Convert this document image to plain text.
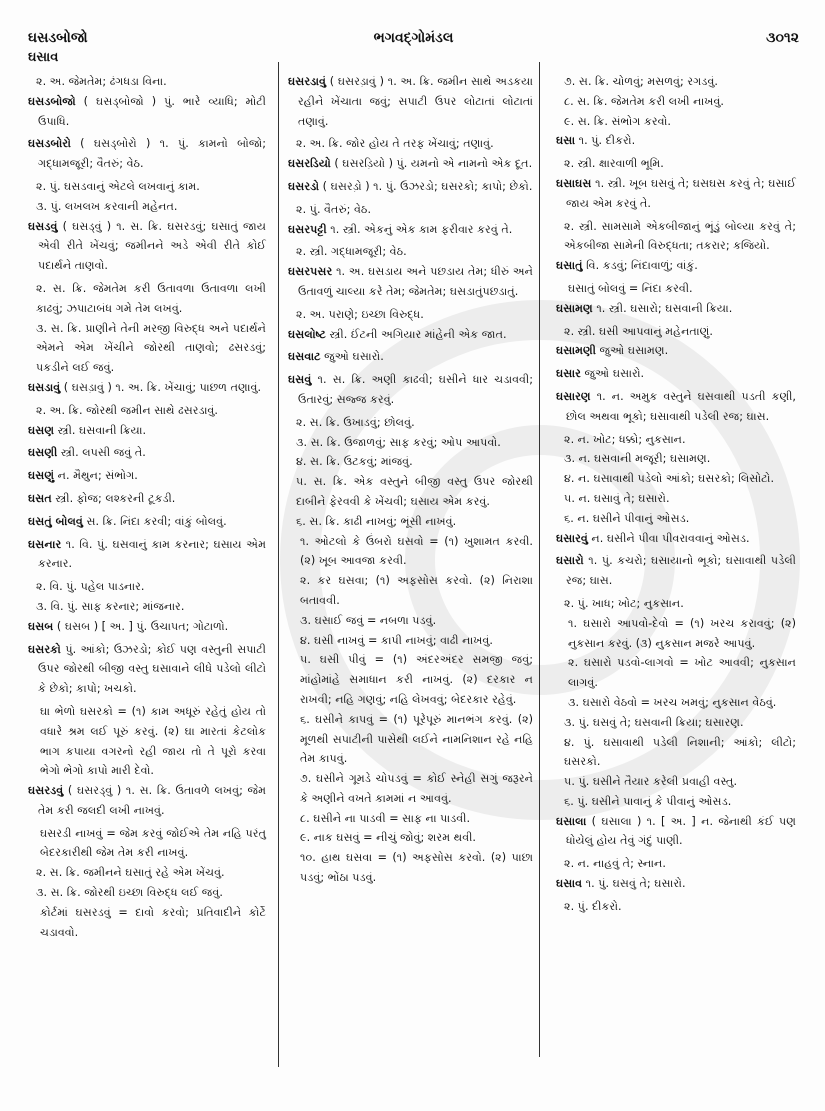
ઘસડબોજો	ભગવદ્ગોમંડલ	૩૦૧૨
ઘસાવ

૨. અ. જેમતેમ; ઢંગધડા વિના.

ઘસડબોજો ( ઘસડ્બોજો ) પું. ભારે વ્યાધિ; મોટી ઉપાધિ.

ઘસડબોરો ( ઘસડ્બોરો ) ૧. પું. કામનો બોજો; ગદ્ધામજૂરી; વૈતરું; વેઠ.

૨. પું. ઘસડવાનું એટલે લખવાનું કામ.

૩. પું. લખલખ કરવાની મહેનત.

ઘસડવું ( ઘસડ્વું ) ૧. સ. ક્રિ. ઘસરડવું; ઘસાતું જાય એવી રીતે ખેંચવું; જમીનને અડે એવી રીતે કોઈ પદાર્થને તાણવો.

૨. સ. ક્રિ. જેમતેમ કરી ઉતાવળા ઉતાવળા લખી કાઢવું; ઝપાટાબંધ ગમે તેમ લખવું.

૩. સ. ક્રિ. પ્રાણીને તેની મરજી વિરુદ્ધ અને પદાર્થને એમને એમ ખેંચીને જોરથી તાણવો; ઢસરડવું; પકડીને લઈ જવું.

ઘસડાવું ( ઘસડ઼ાવું ) ૧. અ. ક્રિ. ખેંચાવું; પાછળ તણાવું.

૨. અ. ક્રિ. જોરથી જમીન સાથે ઢસરડાવું.

ઘસણ સ્ત્રી. ઘસવાની ક્રિયા.

ઘસણી સ્ત્રી. લપસી જવું તે.

ઘસણું ન. મૈથુન; સંભોગ.

ઘસત સ્ત્રી. ફોજ; લશ્કરની ટૂકડી.

ઘસતું બોલવું સ. ક્રિ. નિંદા કરવી; વાંકું બોલવું.

ઘસનાર ૧. વિ. પું. ઘસવાનું કામ કરનાર; ઘસાય એમ કરનાર.

૨. વિ. પું. પહેલ પાડનાર.

૩. વિ. પું. સાફ કરનાર; માંજનાર.

ઘસબ ( ઘસબ ) [ અ. ] પું. ઉચાપત; ગોટાળો.

ઘસરકો પું. આંકો; ઉઝરડો; કોઈ પણ વસ્તુની સપાટી ઉપર જોરથી બીજી વસ્તુ ઘસાવાને લીધે પડેલો લીટો કે છેકો; કાપો; ખચકો.

ઘા ભેળો ઘસરકો = (૧) કામ અધૂરું રહેતું હોય તો વધારે શ્રમ લઈ પૂરું કરવું. (૨) ઘા મારતાં કેટલોક ભાગ કપાયા વગરનો રહી જાય તો તે પૂરો કરવા ભેગો ભેગો કાપો મારી દેવો.

ઘસરડવું ( ઘસરડ્વું ) ૧. સ. ક્રિ. ઉતાવળે લખવું; જેમ તેમ કરી જલદી લખી નાખવું.

ઘસરડી નાખવું = જેમ કરવું જોઈએ તેમ નહિ પરંતુ બેદરકારીથી જેમ તેમ કરી નાખવું.

૨. સ. ક્રિ. જમીનને ઘસાતું રહે એમ ખેંચવું.

૩. સ. ક્રિ. જોરથી ઇચ્છા વિરુદ્ધ લઈ જવું.

કોર્ટમાં ઘસરડવું = દાવો કરવો; પ્રતિવાદીને કોર્ટે ચડાવવો.

ઘસરડાવું ( ઘસરડ઼ાવું ) ૧. અ. ક્રિ. જમીન સાથે અડકયા રહીને ખેંચાતા જવું; સપાટી ઉપર લોટાતાં લોટાતાં તણાવું.

૨. અ. ક્રિ. જોર હોય તે તરફ ખેંચાવું; તણાવું.

ઘસરડિયો ( ઘસરડ઼િયો ) પું. યમનો એ નામનો એક દૂત.

ઘસરડો ( ઘસરડ઼ો ) ૧. પું. ઉઝરડો; ઘસરકો; કાપો; છેકો.

૨. પું. વૈતરું; વેઠ.

ઘસરપટ્ટી ૧. સ્ત્રી. એકનું એક કામ ફરીવાર કરવું તે.

૨. સ્ત્રી. ગદ્ધામજૂરી; વેઠ.

ઘસરપસર ૧. અ. ઘસડાય અને પછડાય તેમ; ધીરું અને ઉતાવળું ચાલ્યા કરે તેમ; જેમતેમ; ઘસડાતુંપછડાતું.

૨. અ. પરાણે; ઇચ્છા વિરુદ્ધ.

ઘસલોષ્ટ સ્ત્રી. ઈંટની અગિયાર માંહેની એક જાત.

ઘસવાટ જુઓ ઘસારો.

ઘસવું ૧. સ. ક્રિ. અણી કાઢવી; ઘસીને ધાર ચડાવવી; ઉતારવું; સજ્જ કરવું.

૨. સ. ક્રિ. ઉખાડવું; છોલવું.

૩. સ. ક્રિ. ઉજાળવું; સાફ કરવું; ઓપ આપવો.

૪. સ. ક્રિ. ઉટકવું; માંજવું.

૫. સ. ક્રિ. એક વસ્તુને બીજી વસ્તુ ઉપર જોરથી દાબીને ફેરવવી કે ખેંચવી; ઘસાય એમ કરવું.

૬. સ. ક્રિ. કાઢી નાખવું; ભૂંસી નાખવું.

૧. ઓટલો કે ઉંબરો ઘસવો = (૧) ખુશામત કરવી. (૨) ખૂબ આવજા કરવી.

૨. કર ઘસવા; (૧) અફસોસ કરવો. (૨) નિરાશા બતાવવી.

૩. ઘસાઈ જવું = નબળા પડવું.

૪. ઘસી નાખવું = કાપી નાખવું; વાઢી નાખવું.

૫. ઘસી પીવું = (૧) અંદરઅંદર સમજી જવું; માંહોમાંહે સમાધાન કરી નાખવું. (૨) દરકાર ન રાખવી; નહિ ગણવું; નહિ લેખવવું; બેદરકાર રહેવું.

૬. ઘસીને કાપવું = (૧) પૂરેપૂરું માનભંગ કરવું. (૨) મૂળથી સપાટીની પાસેથી લઈને નામનિશાન રહે નહિ તેમ કાપવું.

૭. ઘસીને ગૂમડે ચોપડવું = કોઈ સ્નેહી સગું જરૂરને કે અણીને વખતે કામમાં ન આવવું.

૮. ઘસીને ના પાડવી = સાફ ના પાડવી.

૯. નાક ઘસવું = નીચું જોવું; શરમ થવી.

૧૦. હાથ ઘસવા = (૧) અફસોસ કરવો. (૨) પાછા પડવું; ભોંઠા પડવું.

૭. સ. ક્રિ. ચોળવું; મસળવું; રગડવું.

૮. સ. ક્રિ. જેમતેમ કરી લખી નાખવું.

૯. સ. ક્રિ. સંભોગ કરવો.

ઘસા ૧. પું. દીકરો.

૨. સ્ત્રી. ક્ષારવાળી ભૂમિ.

ઘસાઘસ ૧. સ્ત્રી. ખૂબ ઘસવું તે; ઘસઘસ કરવું તે; ઘસાઈ જાય એમ કરવું તે.

૨. સ્ત્રી. સામસામે એકબીજાનું ભૂંડું બોલ્યા કરવું તે; એકબીજા સામેની વિરુદ્ધતા; તકરાર; કજિયો.

ઘસાતું વિ. કડવું; નિંદાવાળું; વાંકું.

ઘસાતું બોલવું = નિંદા કરવી.

ઘસામણ ૧. સ્ત્રી. ઘસારો; ઘસવાની ક્રિયા.

૨. સ્ત્રી. ઘસી આપવાનું મહેનતાણું.

ઘસામણી જુઓ ઘસામણ.

ઘસાર જુઓ ઘસારો.

ઘસારણ ૧. ન. અમુક વસ્તુને ઘસવાથી પડતી કણી, છોલ અથવા ભૂકો; ઘસાવાથી પડેલી રજ; ઘાસ.

૨. ન. ખોટ; ધક્કો; નુકસાન.

૩. ન. ઘસવાની મજૂરી; ઘસામણ.

૪. ન. ઘસાવાથી પડેલો આંકો; ઘસરકો; લિસોટો.

૫. ન. ઘસાવું તે; ઘસારો.

૬. ન. ઘસીને પીવાનું ઓસડ.

ઘસારવું ન. ઘસીને પીવા પીવરાવવાનું ઓસડ.

ઘસારો ૧. પું. કચરો; ઘસાયાનો ભૂકો; ઘસાવાથી પડેલી રજ; ઘાસ.

૨. પું. ખાધ; ખોટ; નુકસાન.

૧. ઘસારો આપવો-દેવો = (૧) ખરચ કરાવવું; (૨) નુકસાન કરવું. (૩) નુકસાન મજરે આપવું.

૨. ઘસારો પડવો-લાગવો = ખોટ આવવી; નુકસાન લાગવું.

૩. ઘસારો વેઠવો = ખરચ ખમવું; નુકસાન વેઠવું.

૩. પું. ઘસવું તે; ઘસવાની ક્રિયા; ઘસારણ.

૪. પું. ઘસાવાથી પડેલી નિશાની; આંકો; લીટો; ઘસરકો.

૫. પું. ઘસીને તૈયાર કરેલી પ્રવાહી વસ્તુ.

૬. પું. ઘસીને પાવાનું કે પીવાનું ઓસડ.

ઘસાલા ( ઘસાલા ) ૧. [ અ. ] ન. જેનાથી કંઈ પણ ધોયેલું હોય તેવું ગંદું પાણી.

૨. ન. નાહવું તે; સ્નાન.

ઘસાવ ૧. પું. ઘસવું તે; ઘસારો.

૨. પું. દીકરો.
